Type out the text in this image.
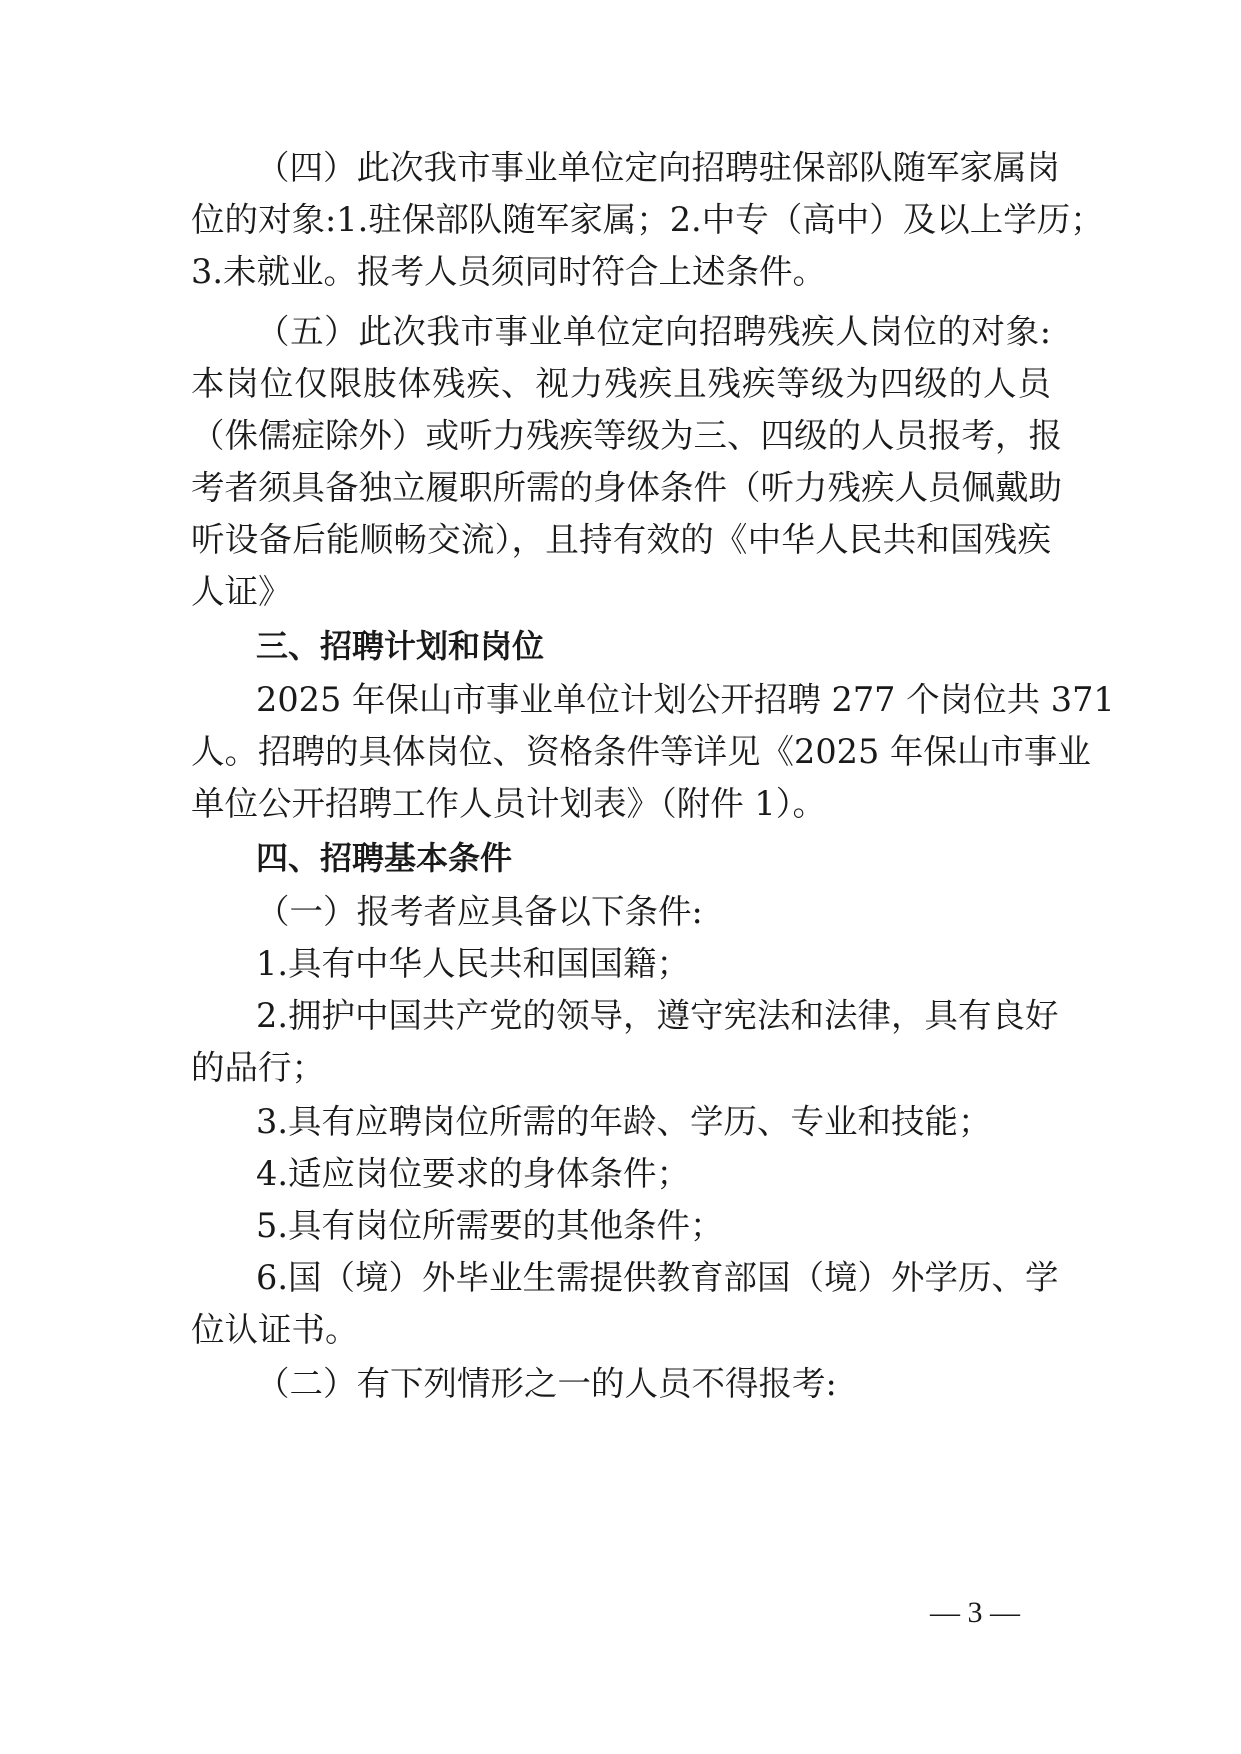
（四）此次我市事业单位定向招聘驻保部队随军家属岗
位的对象:1.驻保部队随军家属；2.中专（高中）及以上学历；
3.未就业。报考人员须同时符合上述条件。
（五）此次我市事业单位定向招聘残疾人岗位的对象:
本岗位仅限肢体残疾、视力残疾且残疾等级为四级的人员
（侏儒症除外）或听力残疾等级为三、四级的人员报考，报
考者须具备独立履职所需的身体条件（听力残疾人员佩戴助
听设备后能顺畅交流），且持有效的《中华人民共和国残疾
人证》
三、招聘计划和岗位
2025 年保山市事业单位计划公开招聘 277 个岗位共 371
人。招聘的具体岗位、资格条件等详见《2025 年保山市事业
单位公开招聘工作人员计划表》（附件 1）。
四、招聘基本条件
（一）报考者应具备以下条件:
1.具有中华人民共和国国籍；
2.拥护中国共产党的领导，遵守宪法和法律，具有良好
的品行；
3.具有应聘岗位所需的年龄、学历、专业和技能；
4.适应岗位要求的身体条件；
5.具有岗位所需要的其他条件；
6.国（境）外毕业生需提供教育部国（境）外学历、学
位认证书。
（二）有下列情形之一的人员不得报考:
— 3 —
